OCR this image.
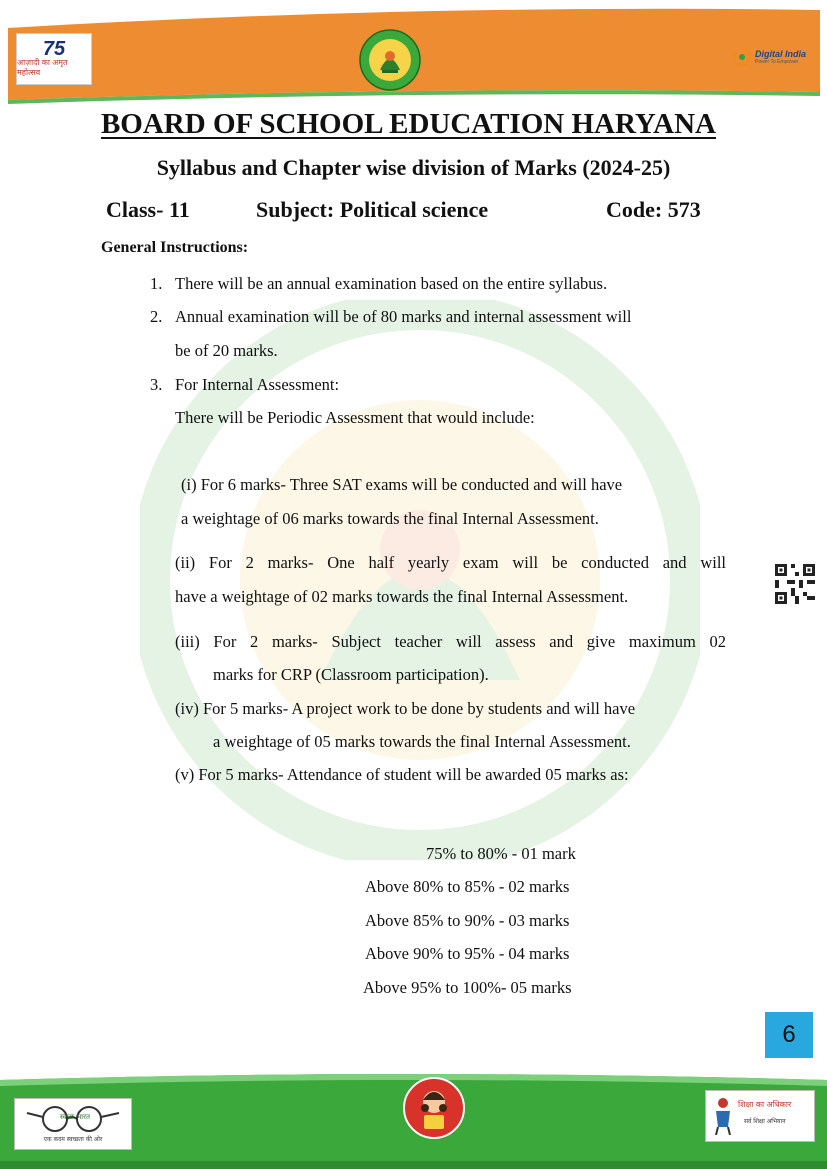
75
आज़ादी का अमृत महोत्सव
Digital India
Power To Empower
BOARD OF SCHOOL EDUCATION HARYANA
Syllabus and Chapter wise division of Marks (2024-25)
Class- 11	Subject: Political science	Code: 573
General Instructions:
1. There will be an annual examination based on the entire syllabus.
2. Annual examination will be of 80 marks and internal assessment will
be of 20 marks.
3. For Internal Assessment:
There will be Periodic Assessment that would include:
(i) For 6 marks- Three SAT exams will be conducted and will have
a weightage of 06 marks towards the final Internal Assessment.
(ii) For 2 marks- One half yearly exam will be conducted and will
have a weightage of 02 marks towards the final Internal Assessment.
(iii) For 2 marks- Subject teacher will assess and give maximum 02
marks for CRP (Classroom participation).
(iv) For 5 marks- A project work to be done by students and will have
a weightage of 05 marks towards the final Internal Assessment.
(v) For 5 marks- Attendance of student will be awarded 05 marks as:
75% to 80% - 01 mark
Above 80% to 85% - 02 marks
Above 85% to 90% - 03 marks
Above 90% to 95% - 04 marks
Above 95% to 100%- 05 marks
6
स्वच्छ भारत
एक कदम स्वच्छता की ओर
शिक्षा का अधिकार
सर्व शिक्षा अभियान
